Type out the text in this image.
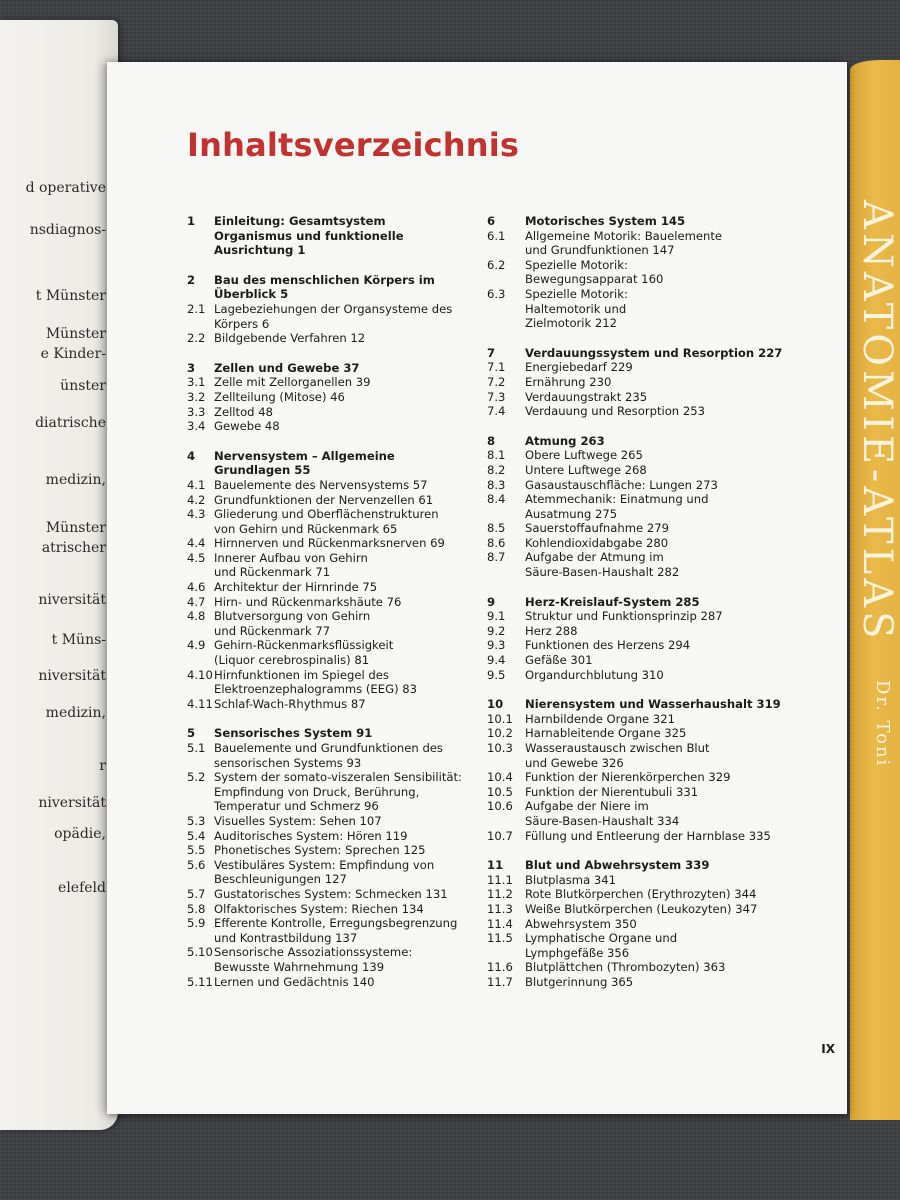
d operative
nsdiagnos-
t Münster
Münster
e Kinder-
ünster
diatrische
medizin,
Münster
atrischer
niversität
t Müns-
niversität
medizin,
r
niversität
opädie,
elefeld
ANATOMIE-ATLAS
Dr. Toni
Inhaltsverzeichnis
1	Einleitung: Gesamtsystem
Organismus und funktionelle
Ausrichtung 1
2	Bau des menschlichen Körpers im
Überblick 5
2.1 Lagebeziehungen der Organsysteme des
Körpers 6
2.2 Bildgebende Verfahren 12
3	Zellen und Gewebe 37
3.1 Zelle mit Zellorganellen 39
3.2 Zellteilung (Mitose) 46
3.3 Zelltod 48
3.4 Gewebe 48
4	Nervensystem – Allgemeine
Grundlagen 55
4.1 Bauelemente des Nervensystems 57
4.2 Grundfunktionen der Nervenzellen 61
4.3 Gliederung und Oberflächenstrukturen
von Gehirn und Rückenmark 65
4.4 Hirnnerven und Rückenmarksnerven 69
4.5 Innerer Aufbau von Gehirn
und Rückenmark 71
4.6 Architektur der Hirnrinde 75
4.7 Hirn- und Rückenmarkshäute 76
4.8 Blutversorgung von Gehirn
und Rückenmark 77
4.9 Gehirn-Rückenmarksflüssigkeit
(Liquor cerebrospinalis) 81
4.10 Hirnfunktionen im Spiegel des
Elektroenzephalogramms (EEG) 83
4.11 Schlaf-Wach-Rhythmus 87
5	Sensorisches System 91
5.1 Bauelemente und Grundfunktionen des
sensorischen Systems 93
5.2 System der somato-viszeralen Sensibilität:
Empfindung von Druck, Berührung,
Temperatur und Schmerz 96
5.3 Visuelles System: Sehen 107
5.4 Auditorisches System: Hören 119
5.5 Phonetisches System: Sprechen 125
5.6 Vestibuläres System: Empfindung von
Beschleunigungen 127
5.7 Gustatorisches System: Schmecken 131
5.8 Olfaktorisches System: Riechen 134
5.9 Efferente Kontrolle, Erregungsbegrenzung
und Kontrastbildung 137
5.10 Sensorische Assoziationssysteme:
Bewusste Wahrnehmung 139
5.11 Lernen und Gedächtnis 140
6	Motorisches System 145
6.1	Allgemeine Motorik: Bauelemente
und Grundfunktionen 147
6.2	Spezielle Motorik:
Bewegungsapparat 160
6.3	Spezielle Motorik:
Haltemotorik und
Zielmotorik 212
7	Verdauungssystem und Resorption 227
7.1	Energiebedarf 229
7.2	Ernährung 230
7.3	Verdauungstrakt 235
7.4	Verdauung und Resorption 253
8	Atmung 263
8.1	Obere Luftwege 265
8.2	Untere Luftwege 268
8.3	Gasaustauschfläche: Lungen 273
8.4	Atemmechanik: Einatmung und
Ausatmung 275
8.5	Sauerstoffaufnahme 279
8.6	Kohlendioxidabgabe 280
8.7	Aufgabe der Atmung im
Säure-Basen-Haushalt 282
9	Herz-Kreislauf-System 285
9.1	Struktur und Funktionsprinzip 287
9.2	Herz 288
9.3	Funktionen des Herzens 294
9.4	Gefäße 301
9.5	Organdurchblutung 310
10	Nierensystem und Wasserhaushalt 319
10.1	Harnbildende Organe 321
10.2	Harnableitende Organe 325
10.3	Wasseraustausch zwischen Blut
und Gewebe 326
10.4	Funktion der Nierenkörperchen 329
10.5	Funktion der Nierentubuli 331
10.6	Aufgabe der Niere im
Säure-Basen-Haushalt 334
10.7	Füllung und Entleerung der Harnblase 335
11	Blut und Abwehrsystem 339
11.1	Blutplasma 341
11.2	Rote Blutkörperchen (Erythrozyten) 344
11.3	Weiße Blutkörperchen (Leukozyten) 347
11.4	Abwehrsystem 350
11.5	Lymphatische Organe und
Lymphgefäße 356
11.6	Blutplättchen (Thrombozyten) 363
11.7	Blutgerinnung 365
IX
